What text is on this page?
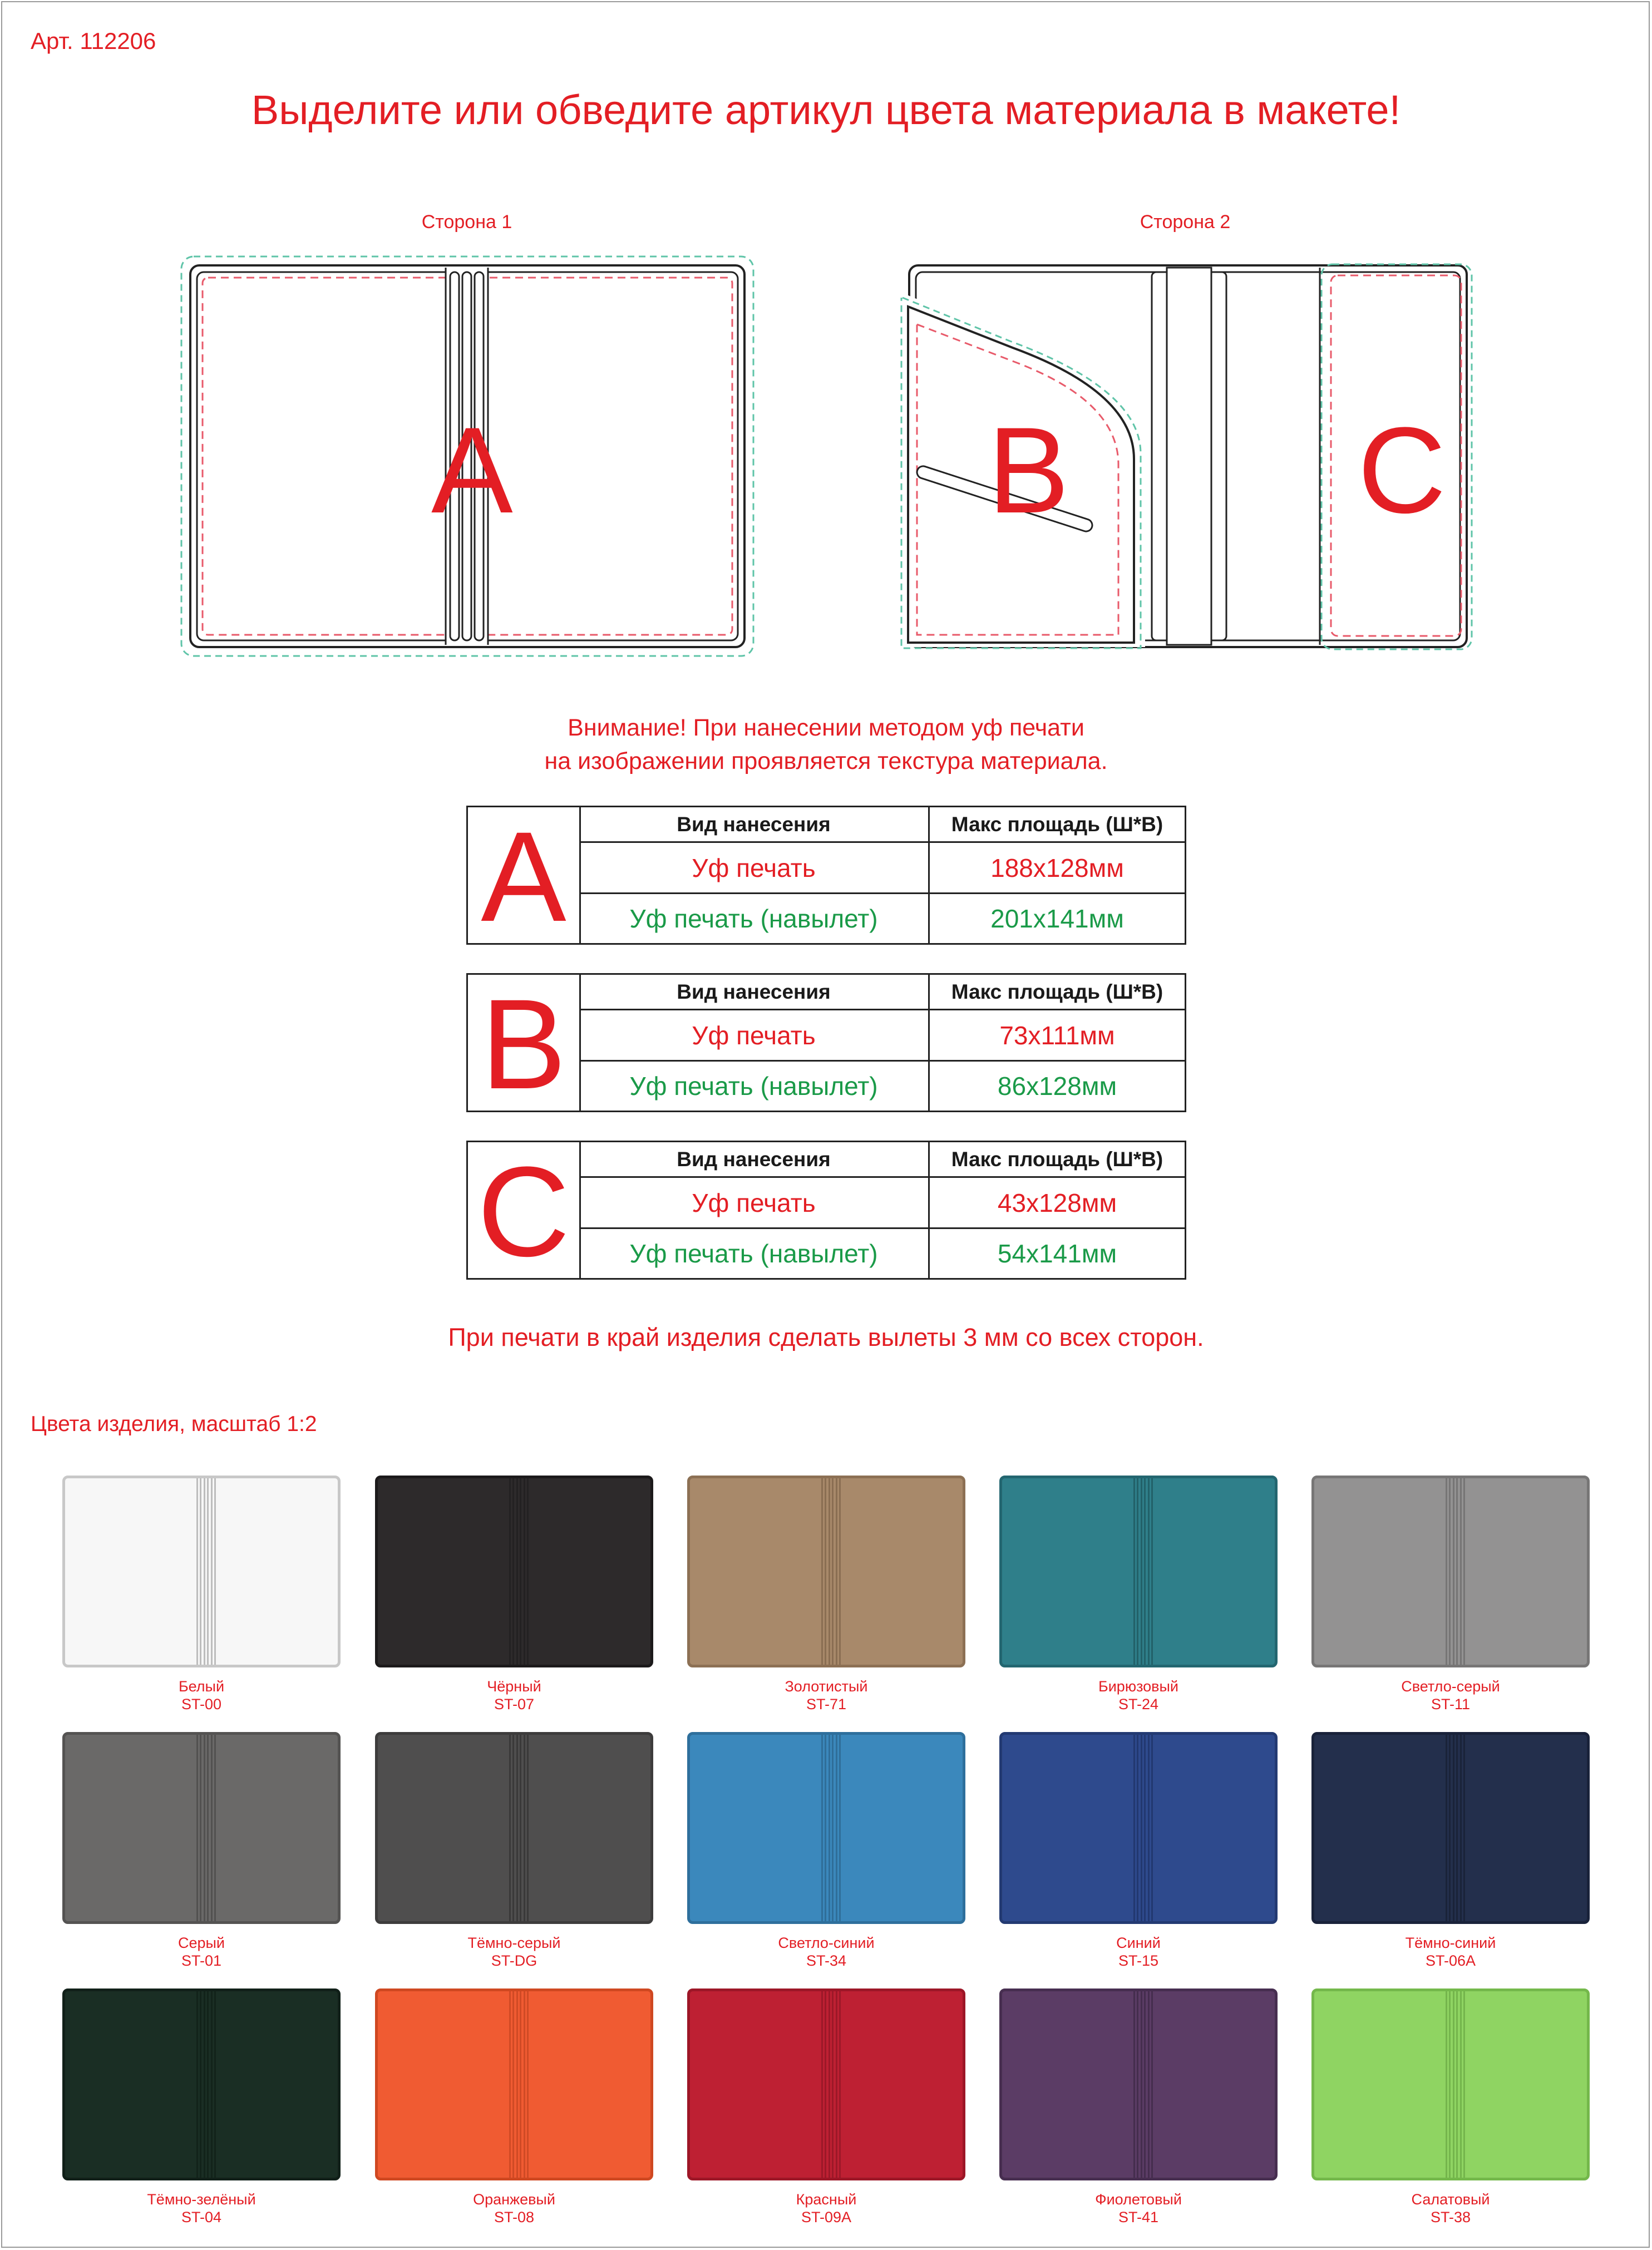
Арт. 112206
Выделите или обведите артикул цвета материала в макете!
Сторона 1	Сторона 2
A	B C
Внимание! При нанесении методом уф печати
на изображении проявляется текстура материала.
A	Вид нанесения	Макс площадь (Ш*В)
Уф печать	188x128мм
Уф печать (навылет)	201x141мм
B	Вид нанесения	Макс площадь (Ш*В)
Уф печать	73x111мм
Уф печать (навылет)	86x128мм
C	Вид нанесения	Макс площадь (Ш*В)
Уф печать	43x128мм
Уф печать (навылет)	54x141мм
При печати в край изделия сделать вылеты 3 мм со всех сторон.
Цвета изделия, масштаб 1:2
Белый
ST-00
Чёрный
ST-07
Золотистый
ST-71
Бирюзовый
ST-24
Светло-серый
ST-11
Серый
ST-01
Тёмно-серый
ST-DG
Светло-синий
ST-34
Синий
ST-15
Тёмно-синий
ST-06A
Тёмно-зелёный
ST-04
Оранжевый
ST-08
Красный
ST-09A
Фиолетовый
ST-41
Салатовый
ST-38
